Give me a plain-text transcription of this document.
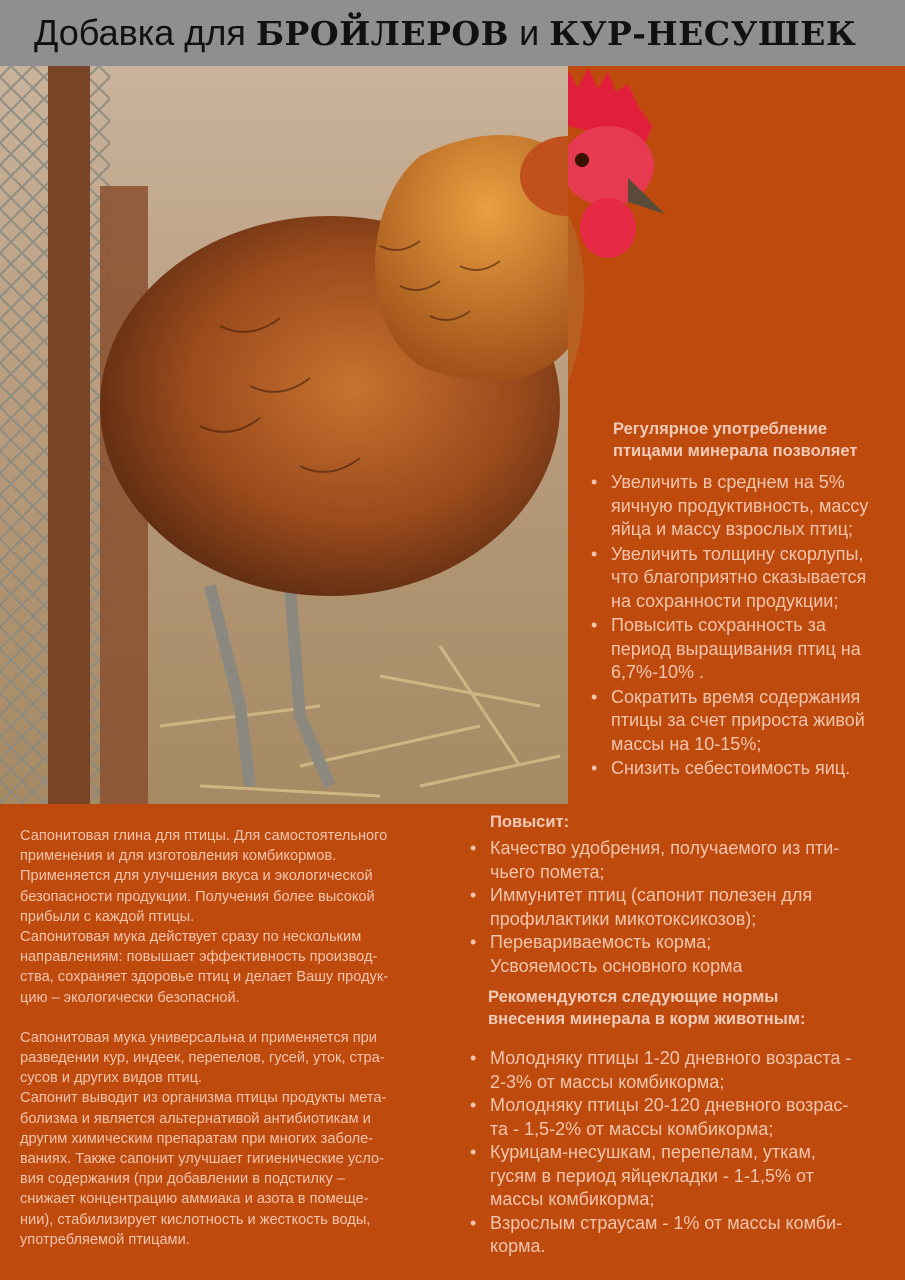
Добавка для БРОЙЛЕРОВ и КУР-НЕСУШЕК
Регулярное употребление
птицами минерала позволяет
• Увеличить в среднем на 5%
яичную продуктивность, массу
яйца и массу взрослых птиц;
• Увеличить толщину скорлупы,
что благоприятно сказывается
на сохранности продукции;
• Повысить сохранность за
период выращивания птиц на
6,7%-10% .
• Сократить время содержания
птицы за счет прироста живой
массы на 10-15%;
• Снизить себестоимость яиц.

Сапонитовая глина для птицы. Для самостоятельного
применения и для изготовления комбикормов.
Применяется для улучшения вкуса и экологической
безопасности продукции. Получения более высокой
прибыли с каждой птицы.
Сапонитовая мука действует сразу по нескольким
направлениям: повышает эффективность производ-
ства, сохраняет здоровье птиц и делает Вашу продук-
цию – экологически безопасной.

Сапонитовая мука универсальна и применяется при
разведении кур, индеек, перепелов, гусей, уток, стра-
сусов и других видов птиц.
Сапонит выводит из организма птицы продукты мета-
болизма и является альтернативой антибиотикам и
другим химическим препаратам при многих заболе-
ваниях. Также сапонит улучшает гигиенические усло-
вия содержания (при добавлении в подстилку –
снижает концентрацию аммиака и азота в помеще-
нии), стабилизирует кислотность и жесткость воды,
употребляемой птицами.

Повысит:
• Качество удобрения, получаемого из пти-
чьего помета;
• Иммунитет птиц (сапонит полезен для
профилактики микотоксикозов);
• Перевариваемость корма;
Усвояемость основного корма
Рекомендуются следующие нормы
внесения минерала в корм животным:
• Молодняку птицы 1-20 дневного возраста -
2-3% от массы комбикорма;
• Молодняку птицы 20-120 дневного возрас-
та - 1,5-2% от массы комбикорма;
• Курицам-несушкам, перепелам, уткам,
гусям в период яйцекладки - 1-1,5% от
массы комбикорма;
• Взрослым страусам - 1% от массы комби-
корма.
